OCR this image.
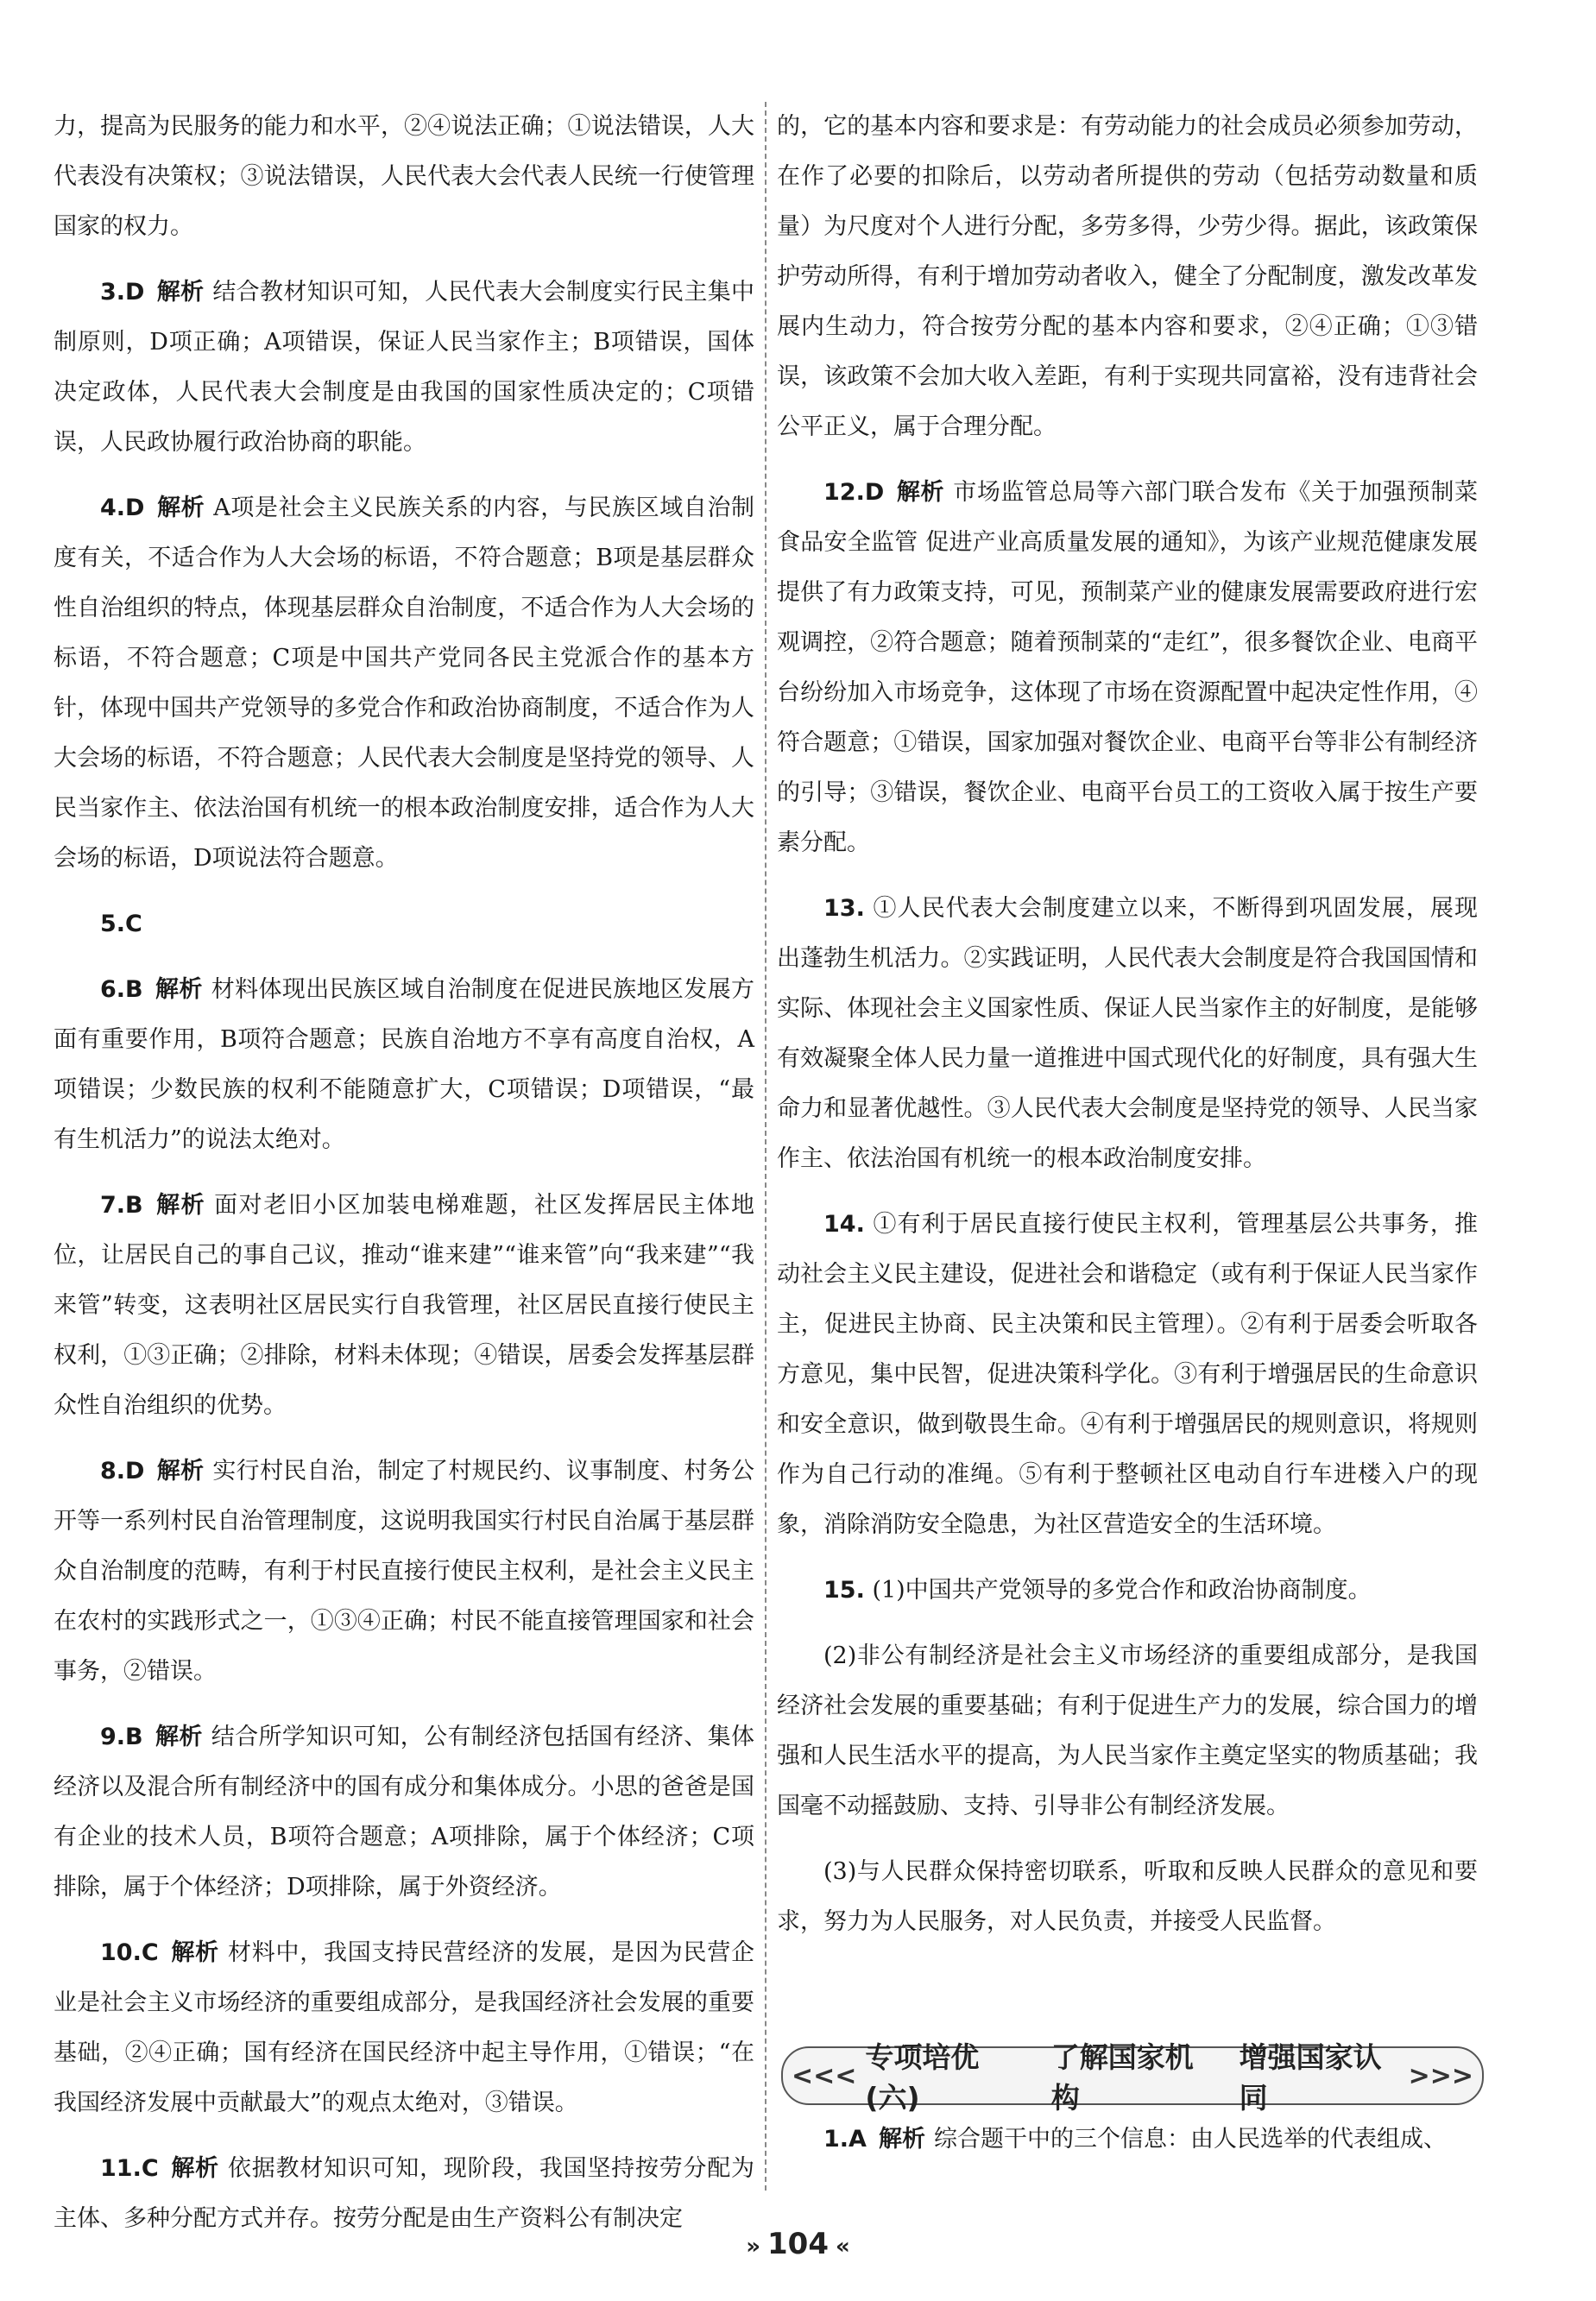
力，提高为民服务的能力和水平，②④说法正确；①说法错误，人大代表没有决策权；③说法错误，人民代表大会代表人民统一行使管理国家的权力。

3.D 解析 结合教材知识可知，人民代表大会制度实行民主集中制原则，D项正确；A项错误，保证人民当家作主；B项错误，国体决定政体，人民代表大会制度是由我国的国家性质决定的；C项错误，人民政协履行政治协商的职能。

4.D 解析 A项是社会主义民族关系的内容，与民族区域自治制度有关，不适合作为人大会场的标语，不符合题意；B项是基层群众性自治组织的特点，体现基层群众自治制度，不适合作为人大会场的标语，不符合题意；C项是中国共产党同各民主党派合作的基本方针，体现中国共产党领导的多党合作和政治协商制度，不适合作为人大会场的标语，不符合题意；人民代表大会制度是坚持党的领导、人民当家作主、依法治国有机统一的根本政治制度安排，适合作为人大会场的标语，D项说法符合题意。

5.C

6.B 解析 材料体现出民族区域自治制度在促进民族地区发展方面有重要作用，B项符合题意；民族自治地方不享有高度自治权，A项错误；少数民族的权利不能随意扩大，C项错误；D项错误，“最有生机活力”的说法太绝对。

7.B 解析 面对老旧小区加装电梯难题，社区发挥居民主体地位，让居民自己的事自己议，推动“谁来建”“谁来管”向“我来建”“我来管”转变，这表明社区居民实行自我管理，社区居民直接行使民主权利，①③正确；②排除，材料未体现；④错误，居委会发挥基层群众性自治组织的优势。

8.D 解析 实行村民自治，制定了村规民约、议事制度、村务公开等一系列村民自治管理制度，这说明我国实行村民自治属于基层群众自治制度的范畴，有利于村民直接行使民主权利，是社会主义民主在农村的实践形式之一，①③④正确；村民不能直接管理国家和社会事务，②错误。

9.B 解析 结合所学知识可知，公有制经济包括国有经济、集体经济以及混合所有制经济中的国有成分和集体成分。小思的爸爸是国有企业的技术人员，B项符合题意；A项排除，属于个体经济；C项排除，属于个体经济；D项排除，属于外资经济。

10.C 解析 材料中，我国支持民营经济的发展，是因为民营企业是社会主义市场经济的重要组成部分，是我国经济社会发展的重要基础，②④正确；国有经济在国民经济中起主导作用，①错误；“在我国经济发展中贡献最大”的观点太绝对，③错误。

11.C 解析 依据教材知识可知，现阶段，我国坚持按劳分配为主体、多种分配方式并存。按劳分配是由生产资料公有制决定

的，它的基本内容和要求是：有劳动能力的社会成员必须参加劳动，在作了必要的扣除后，以劳动者所提供的劳动（包括劳动数量和质量）为尺度对个人进行分配，多劳多得，少劳少得。据此，该政策保护劳动所得，有利于增加劳动者收入，健全了分配制度，激发改革发展内生动力，符合按劳分配的基本内容和要求，②④正确；①③错误，该政策不会加大收入差距，有利于实现共同富裕，没有违背社会公平正义，属于合理分配。

12.D 解析 市场监管总局等六部门联合发布《关于加强预制菜食品安全监管 促进产业高质量发展的通知》，为该产业规范健康发展提供了有力政策支持，可见，预制菜产业的健康发展需要政府进行宏观调控，②符合题意；随着预制菜的“走红”，很多餐饮企业、电商平台纷纷加入市场竞争，这体现了市场在资源配置中起决定性作用，④符合题意；①错误，国家加强对餐饮企业、电商平台等非公有制经济的引导；③错误，餐饮企业、电商平台员工的工资收入属于按生产要素分配。

13. ①人民代表大会制度建立以来，不断得到巩固发展，展现出蓬勃生机活力。②实践证明，人民代表大会制度是符合我国国情和实际、体现社会主义国家性质、保证人民当家作主的好制度，是能够有效凝聚全体人民力量一道推进中国式现代化的好制度，具有强大生命力和显著优越性。③人民代表大会制度是坚持党的领导、人民当家作主、依法治国有机统一的根本政治制度安排。

14. ①有利于居民直接行使民主权利，管理基层公共事务，推动社会主义民主建设，促进社会和谐稳定（或有利于保证人民当家作主，促进民主协商、民主决策和民主管理）。②有利于居委会听取各方意见，集中民智，促进决策科学化。③有利于增强居民的生命意识和安全意识，做到敬畏生命。④有利于增强居民的规则意识，将规则作为自己行动的准绳。⑤有利于整顿社区电动自行车进楼入户的现象，消除消防安全隐患，为社区营造安全的生活环境。

15. (1)中国共产党领导的多党合作和政治协商制度。

(2)非公有制经济是社会主义市场经济的重要组成部分，是我国经济社会发展的重要基础；有利于促进生产力的发展，综合国力的增强和人民生活水平的提高，为人民当家作主奠定坚实的物质基础；我国毫不动摇鼓励、支持、引导非公有制经济发展。

(3)与人民群众保持密切联系，听取和反映人民群众的意见和要求，努力为人民服务，对人民负责，并接受人民监督。

<<<
专项培优(六)
了解国家机构
增强国家认同
>>>

1.A 解析 综合题干中的三个信息：由人民选举的代表组成、

» 104 «
